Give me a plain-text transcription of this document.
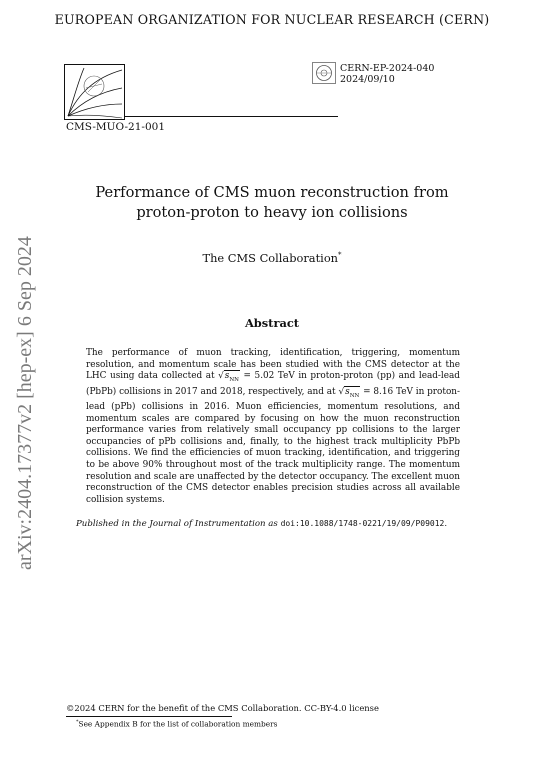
EUROPEAN ORGANIZATION FOR NUCLEAR RESEARCH (CERN)
CMS-MUO-21-001
CERN-EP-2024-040
2024/09/10
arXiv:2404.17377v2 [hep-ex] 6 Sep 2024
Performance of CMS muon reconstruction from
proton-proton to heavy ion collisions
The CMS Collaboration*
Abstract

The performance of muon tracking, identification, triggering, momentum resolution, and momentum scale has been studied with the CMS detector at the LHC using data collected at $√s_{NN} = 5.02$ TeV in proton-proton (pp) and lead-lead (PbPb) collisions in 2017 and 2018, respectively, and at $√s_{NN} = 8.16$ TeV in proton-lead (pPb) collisions in 2016. Muon efficiencies, momentum resolutions, and momentum scales are compared by focusing on how the muon reconstruction performance varies from relatively small occupancy pp collisions to the larger occupancies of pPb collisions and, finally, to the highest track multiplicity PbPb collisions. We find the efficiencies of muon tracking, identification, and triggering to be above 90% throughout most of the track multiplicity range. The momentum resolution and scale are unaffected by the detector occupancy. The excellent muon reconstruction of the CMS detector enables precision studies across all available collision systems.

Published in the Journal of Instrumentation as doi:10.1088/1748-0221/19/09/P09012.
©2024 CERN for the benefit of the CMS Collaboration. CC-BY-4.0 license
*See Appendix B for the list of collaboration members
